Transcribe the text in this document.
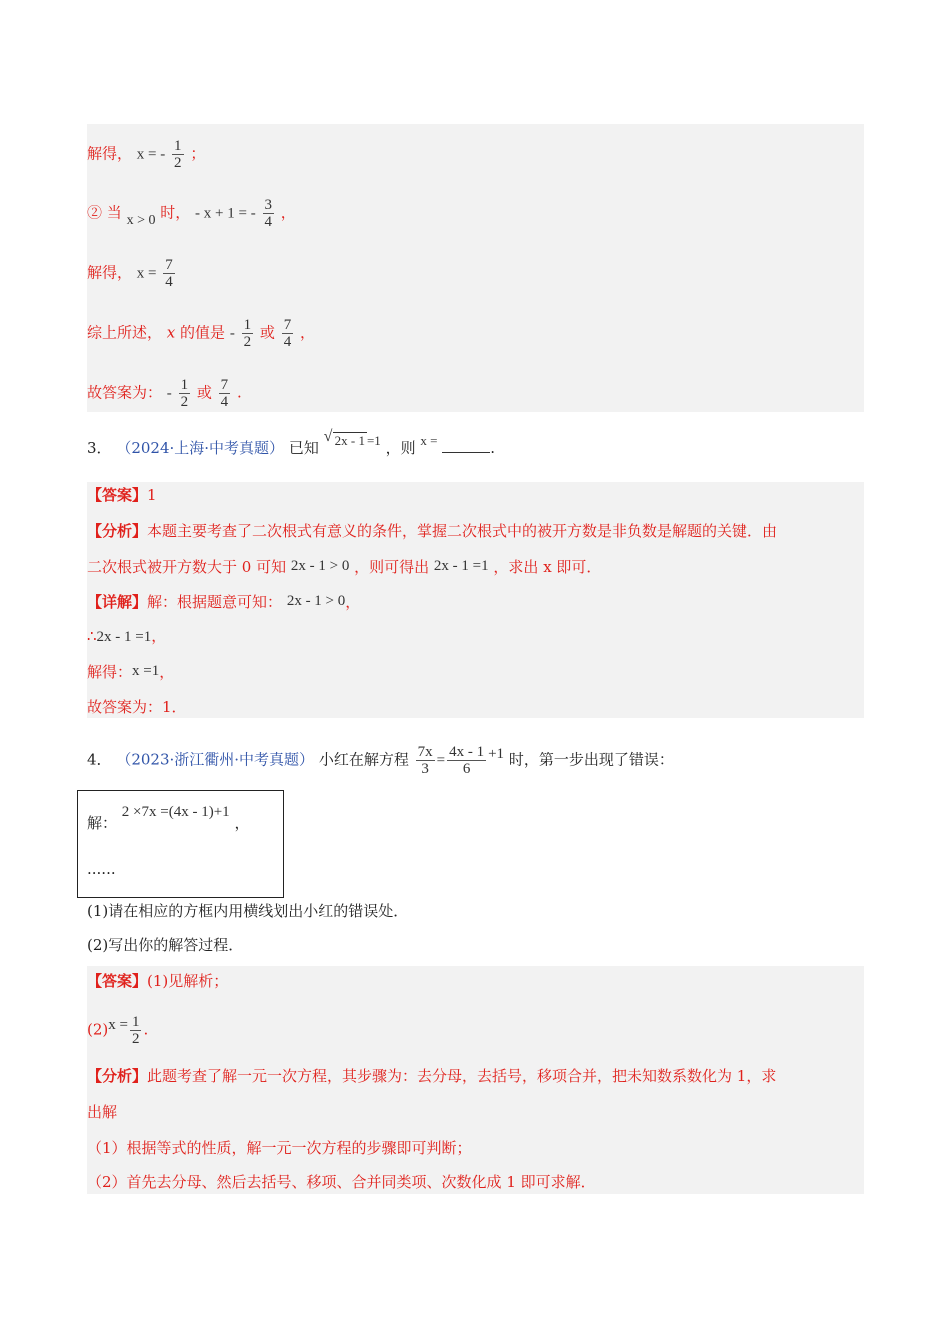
解得， x = - $\frac{1}{2}$ ；
② 当 x > 0 时， - x + 1 = - $\frac{3}{4}$ ，
解得， $x = \frac{7}{4}$
综上所述， x 的值是 - $\frac{1}{2}$ 或 $\frac{7}{4}$ ，
故答案为： - $\frac{1}{2}$ 或 $\frac{7}{4}$ .
3． （2024·上海·中考真题） 已知
√ 2x - 1 =1 ，则 x =	.
【答案】1
【分析】本题主要考查了二次根式有意义的条件，掌握二次根式中的被开方数是非负数是解题的关键．由
二次根式被开方数大于 0 可知 2x - 1 > 0 ，则可得出 2x - 1 =1 ，求出 x 即可．
【详解】解：根据题意可知： 2x - 1 > 0，
∴2x - 1 =1，
解得：x =1，
故答案为：1．
4． （2023·浙江衢州·中考真题） 小红在解方程 $\frac{7x}{3} = \frac{4x - 1}{6} +1$ 时，第一步出现了错误：
解： 2 ×7x =(4x - 1)+1 ，
......
(1)请在相应的方框内用横线划出小红的错误处．
(2)写出你的解答过程．
【答案】(1)见解析；
$(2)x = \frac{1}{2}$ .
【分析】此题考查了解一元一次方程，其步骤为：去分母，去括号，移项合并，把未知数系数化为 1，求
出解
（1）根据等式的性质，解一元一次方程的步骤即可判断；
（2）首先去分母、然后去括号、移项、合并同类项、次数化成 1 即可求解．
